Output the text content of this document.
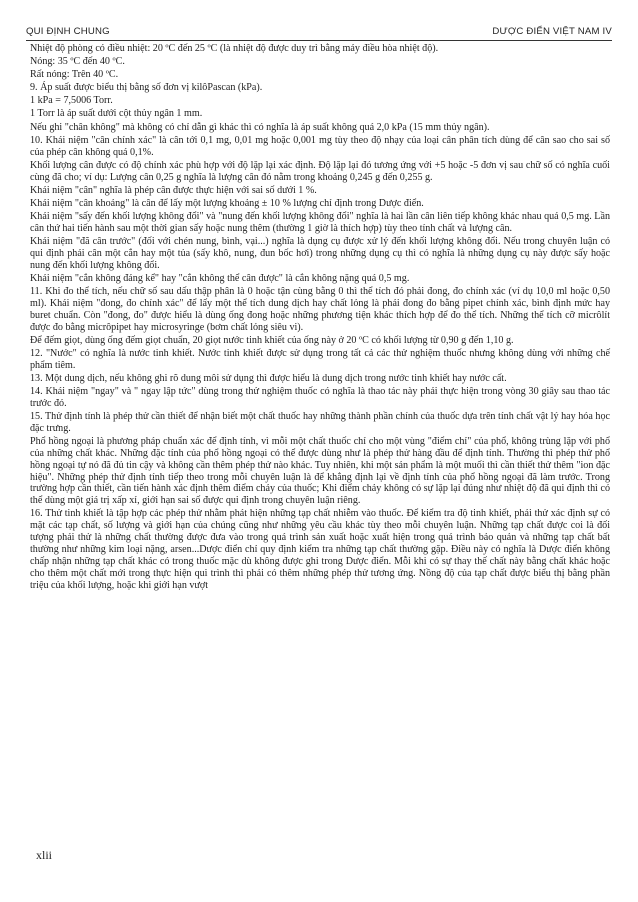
QUI ĐỊNH CHUNG	DƯỢC ĐIỂN VIỆT NAM IV

Nhiệt độ phòng có điều nhiệt: 20 ºC đến 25 ºC (là nhiệt độ được duy trì bằng máy điều hòa nhiệt độ).

Nóng: 35 ºC đến 40 ºC.

Rất nóng: Trên 40 ºC.

9. Áp suất được biểu thị bằng số đơn vị kilôPascan (kPa).

1 kPa = 7,5006 Torr.

1 Torr là áp suất dưới cột thủy ngân 1 mm.

Nếu ghi "chân không" mà không có chỉ dẫn gì khác thì có nghĩa là áp suất không quá 2,0 kPa (15 mm thủy ngân).

10. Khái niệm "cân chính xác" là cân tới 0,1 mg, 0,01 mg hoặc 0,001 mg tùy theo độ nhạy của loại cân phân tích dùng để cân sao cho sai số của phép cân không quá 0,1%.

Khối lượng cân được có độ chính xác phù hợp với độ lặp lại xác định. Độ lặp lại đó tương ứng với +5 hoặc -5 đơn vị sau chữ số có nghĩa cuối cùng đã cho; ví dụ: Lượng cân 0,25 g nghĩa là lượng cân đó nằm trong khoảng 0,245 g đến 0,255 g.

Khái niệm "cân" nghĩa là phép cân được thực hiện với sai số dưới 1 %.

Khái niệm "cân khoảng" là cân để lấy một lượng khoảng ± 10 % lượng chỉ định trong Dược điển.

Khái niệm "sấy đến khối lượng không đổi" và "nung đến khối lượng không đổi" nghĩa là hai lần cân liên tiếp không khác nhau quá 0,5 mg. Lần cân thứ hai tiến hành sau một thời gian sấy hoặc nung thêm (thường 1 giờ là thích hợp) tùy theo tính chất và lượng cân.

Khái niệm "đã cân trước" (đối với chén nung, bình, vại...) nghĩa là dụng cụ được xử lý đến khối lượng không đổi. Nếu trong chuyên luận có qui định phải cân một cắn hay một tủa (sấy khô, nung, đun bốc hơi) trong những dụng cụ thì có nghĩa là những dụng cụ này được sấy hoặc nung đến khối lượng không đổi.

Khái niệm "cắn không đáng kể" hay "cắn không thể cân được" là cắn không nặng quá 0,5 mg.

11. Khi đo thể tích, nếu chữ số sau dấu thập phân là 0 hoặc tận cùng bằng 0 thì thể tích đó phải đong, đo chính xác (ví dụ 10,0 ml hoặc 0,50 ml). Khái niệm "đong, đo chính xác" để lấy một thể tích dung dịch hay chất lỏng là phải đong đo bằng pipet chính xác, bình định mức hay buret chuẩn. Còn "đong, đo" được hiểu là dùng ống đong hoặc những phương tiện khác thích hợp để đo thể tích. Những thể tích cỡ micrôlít được đo bằng micrôpipet hay microsyringe (bơm chất lỏng siêu vi).

Để đếm giọt, dùng ống đếm giọt chuẩn, 20 giọt nước tinh khiết của ống này ở 20 ºC có khối lượng từ 0,90 g đến 1,10 g.

12. "Nước" có nghĩa là nước tinh khiết. Nước tinh khiết được sử dụng trong tất cả các thử nghiệm thuốc nhưng không dùng với những chế phẩm tiêm.

13. Một dung dịch, nếu không ghi rõ dung môi sử dụng thì được hiểu là dung dịch trong nước tinh khiết hay nước cất.

14. Khái niệm "ngay" và " ngay lập tức" dùng trong thử nghiệm thuốc có nghĩa là thao tác này phải thực hiện trong vòng 30 giây sau thao tác trước đó.

15. Thử định tính là phép thử cần thiết để nhận biết một chất thuốc hay những thành phần chính của thuốc dựa trên tính chất vật lý hay hóa học đặc trưng.

Phổ hồng ngoại là phương pháp chuẩn xác để định tính, vì mỗi một chất thuốc chỉ cho một vùng "điểm chỉ" của phổ, không trùng lặp với phổ của những chất khác. Những đặc tính của phổ hồng ngoại có thể được dùng như là phép thử hàng đầu để định tính. Thường thì phép thử phổ hồng ngoại tự nó đã đủ tin cậy và không cần thêm phép thử nào khác. Tuy nhiên, khi một sản phẩm là một muối thì cần thiết thử thêm "ion đặc hiệu". Những phép thử định tính tiếp theo trong mỗi chuyên luận là để khẳng định lại về định tính của phổ hồng ngoại đã làm trước. Trong trường hợp cần thiết, cần tiến hành xác định thêm điểm chảy của thuốc; Khi điểm chảy không có sự lặp lại đúng như nhiệt độ đã qui định thì có thể dùng một giá trị xấp xỉ, giới hạn sai số được qui định trong chuyên luận riêng.

16. Thử tinh khiết là tập hợp các phép thử nhằm phát hiện những tạp chất nhiễm vào thuốc. Để kiểm tra độ tinh khiết, phải thử xác định sự có mặt các tạp chất, số lượng và giới hạn của chúng cũng như những yêu cầu khác tùy theo mỗi chuyên luận. Những tạp chất được coi là đối tượng phải thử là những chất thường được đưa vào trong quá trình sản xuất hoặc xuất hiện trong quá trình bảo quản và những tạp chất bất thường như những kim loại nặng, arsen...Dược điển chỉ quy định kiểm tra những tạp chất thường gặp. Điều này có nghĩa là Dược điển không chấp nhận những tạp chất khác có trong thuốc mặc dù không được ghi trong Dược điển. Mỗi khi có sự thay thế chất này bằng chất khác hoặc cho thêm một chất mới trong thực hiện qui trình thì phải có thêm những phép thử tương ứng. Nồng độ của tạp chất được biểu thị bằng phần triệu của khối lượng, hoặc khi giới hạn vượt

xlii
